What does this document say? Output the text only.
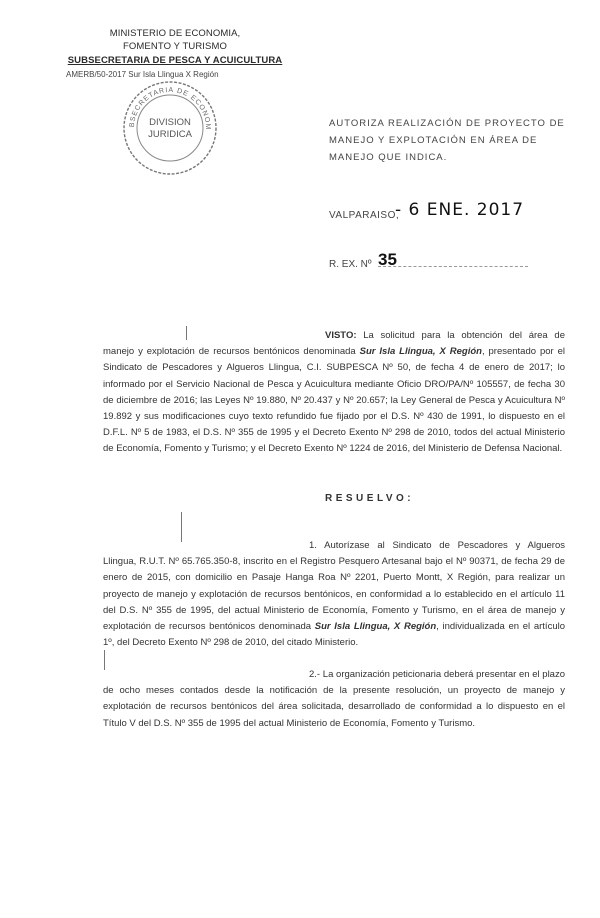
MINISTERIO DE ECONOMIA,
FOMENTO Y TURISMO
SUBSECRETARIA DE PESCA Y ACUICULTURA
AMERB/50-2017 Sur Isla Llingua X Región
BSECRETARIA DE ECONOM
DIVISION
JURIDICA
AUTORIZA REALIZACIÓN DE PROYECTO DE MANEJO Y EXPLOTACIÓN EN ÁREA DE MANEJO QUE INDICA.
VALPARAISO,
- 6 ENE. 2017
R. EX. Nº 35
VISTO: La solicitud para la obtención del área de manejo y explotación de recursos bentónicos denominada Sur Isla Llingua, X Región, presentado por el Sindicato de Pescadores y Algueros Llingua, C.I. SUBPESCA Nº 50, de fecha 4 de enero de 2017; lo informado por el Servicio Nacional de Pesca y Acuicultura mediante Oficio DRO/PA/Nº 105557, de fecha 30 de diciembre de 2016; las Leyes Nº 19.880, Nº 20.437 y Nº 20.657; la Ley General de Pesca y Acuicultura Nº 19.892 y sus modificaciones cuyo texto refundido fue fijado por el D.S. Nº 430 de 1991, lo dispuesto en el D.F.L. Nº 5 de 1983, el D.S. Nº 355 de 1995 y el Decreto Exento Nº 298 de 2010, todos del actual Ministerio de Economía, Fomento y Turismo; y el Decreto Exento Nº 1224 de 2016, del Ministerio de Defensa Nacional.
RESUELVO:
1. Autorízase al Sindicato de Pescadores y Algueros Llingua, R.U.T. Nº 65.765.350-8, inscrito en el Registro Pesquero Artesanal bajo el Nº 90371, de fecha 29 de enero de 2015, con domicilio en Pasaje Hanga Roa Nº 2201, Puerto Montt, X Región, para realizar un proyecto de manejo y explotación de recursos bentónicos, en conformidad a lo establecido en el artículo 11 del D.S. Nº 355 de 1995, del actual Ministerio de Economía, Fomento y Turismo, en el área de manejo y explotación de recursos bentónicos denominada Sur Isla Llingua, X Región, individualizada en el artículo 1º, del Decreto Exento Nº 298 de 2010, del citado Ministerio.
2.- La organización peticionaria deberá presentar en el plazo de ocho meses contados desde la notificación de la presente resolución, un proyecto de manejo y explotación de recursos bentónicos del área solicitada, desarrollado de conformidad a lo dispuesto en el Título V del D.S. Nº 355 de 1995 del actual Ministerio de Economía, Fomento y Turismo.
